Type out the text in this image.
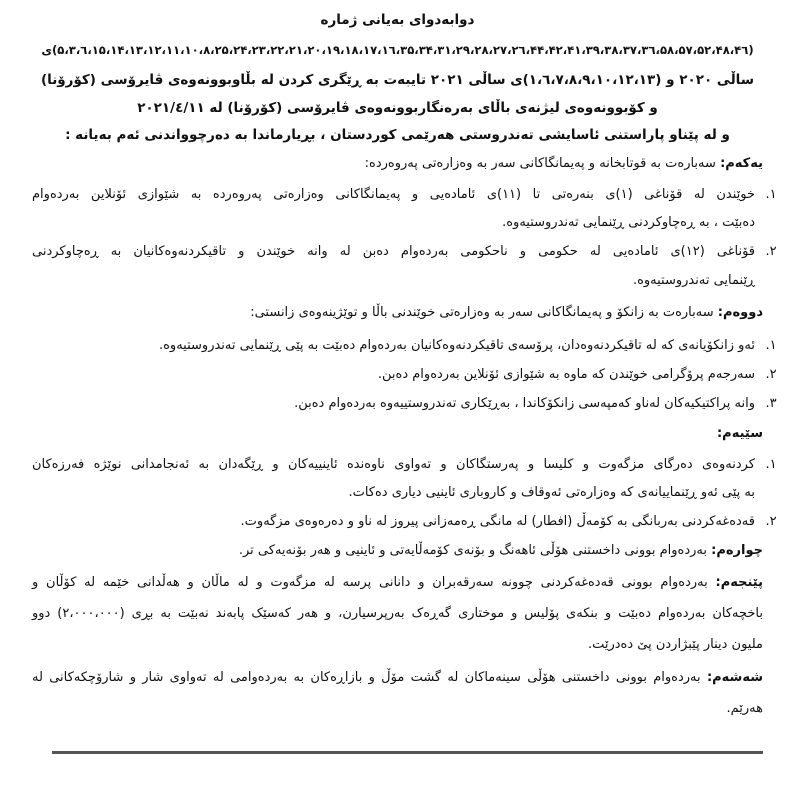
دوابەدوای بەیانی ژمارە
(۵۸،۵۷،۵۲،۴۸،۴٦،۴۴،۴۲،۴۱،۳۹،۳۸،۳۷،۳٦،۳۵،۳۴،۳۱،۲۹،۲۸،۲۷،۲٦،۲۵،۲۴،۲۳،۲۲،۲۱،۲۰،۱۹،۱۸،۱۷،۱٦،۱۵،۱۴،۱۳،۱۲،۱۱،۱۰،۸،٦،۵،۳)ی
ساڵی ۲۰۲۰ و (۱،٦،۷،۸،۹،۱۰،۱۲،۱۳)ی ساڵی ۲۰۲۱ تایبەت بە ڕێگری کردن لە بڵاوبوونەوەی ڤایرۆسی (کۆرۆنا)
و کۆبوونەوەی لیژنەی باڵای بەرەنگاربوونەوەی ڤایرۆسی (کۆرۆنا) لە ۲۰۲۱/٤/۱۱
و لە پێناو پاراستنی ئاسایشی تەندروستی هەرێمی کوردستان ، بڕیارماندا بە دەرچوواندنی ئەم بەیانە :
یەکەم: سەبارەت بە قوتابخانە و پەیمانگاکانی سەر بە وەزارەتی پەروەردە:
۱.
خوێندن لە قۆناغی (۱)ی بنەرەتی تا (۱۱)ی ئامادەیی و پەیمانگاکانی وەزارەتی پەروەردە بە شێوازی ئۆنلاین بەردەوام
دەبێت ، بە ڕەچاوکردنی ڕێنمایی تەندروستیەوە.
۲.
قۆناغی (۱۲)ی ئامادەیی لە حکومی و ناحکومی بەردەوام دەبن لە وانە خوێندن و تاقیکردنەوەکانیان بە ڕەچاوکردنی
ڕێنمایی تەندروستیەوە.
دووەم: سەبارەت بە زانکۆ و پەیمانگاکانی سەر بە وەزارەتی خوێندنی باڵا و توێژینەوەی زانستی:
۱.
ئەو زانکۆیانەی کە لە تاقیکردنەوەدان، پرۆسەی تاقیکردنەوەکانیان بەردەوام دەبێت بە پێی ڕێنمایی تەندروستیەوە.
۲.
سەرجەم پرۆگرامی خوێندن کە ماوە بە شێوازی ئۆنلاین بەردەوام دەبن.
۳.
وانە پراکتیکیەکان لەناو کەمپەسی زانکۆکاندا ، بەڕێکاری تەندروستییەوە بەردەوام دەبن.
سێیەم:
۱.
کردنەوەی دەرگای مزگەوت و کلیسا و پەرستگاکان و تەواوی ناوەندە ئاینییەکان و ڕێگەدان بە ئەنجامدانی نوێژە فەرزەکان
بە پێی ئەو ڕێنماییانەی کە وەزارەتی ئەوقاف و کاروباری ئاینیی دیاری دەکات.
۲.
قەدەغەکردنی بەربانگی بە کۆمەڵ (افطار) لە مانگی ڕەمەزانی پیروز لە ناو و دەرەوەی مزگەوت.
چوارەم: بەردەوام بوونی داخستنی هۆڵی ئاهەنگ و بۆنەی کۆمەڵایەتی و ئاینیی و هەر بۆنەیەکی تر.
پێنجەم: بەردەوام بوونی قەدەغەکردنی چوونە سەرقەبران و دانانی پرسە لە مزگەوت و لە ماڵان و هەڵدانی خێمە لە کۆڵان و
باخچەکان بەردەوام دەبێت و بنکەی پۆلیس و موختاری گەڕەک بەرپرسیارن، و هەر کەسێک پابەند نەبێت بە بڕی (۲،۰۰۰،۰۰۰) دوو
ملیون دینار پێبژاردن پێ دەدرێت.
شەشەم: بەردەوام بوونی داخستنی هۆڵی سینەماکان لە گشت مۆڵ و بازاڕەکان بە بەردەوامی لە تەواوی شار و شارۆچکەکانی لە
هەرێم.
